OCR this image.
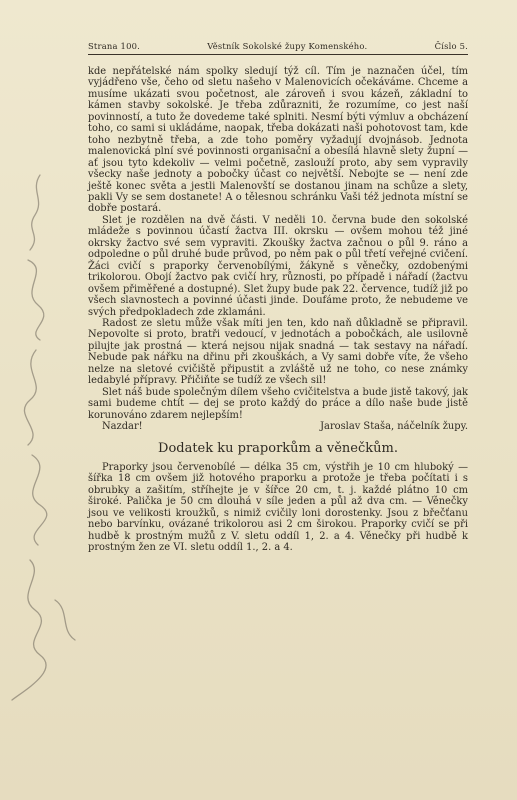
Strana 100.	Věstník Sokolské župy Komenského.	Číslo 5.

kde nepřátelské nám spolky sledují týž cíl. Tím je naznačen účel, tím vyjádřeno vše, čeho od sletu našeho v Malenovicích očekáváme. Chceme a musíme ukázati svou početnost, ale zároveň i svou kázeň, základní to kámen stavby sokolské. Je třeba zdůrazniti, že rozumíme, co jest naší povinností, a tuto že dovedeme také splniti. Nesmí býti výmluv a obcházení toho, co sami si ukládáme, naopak, třeba dokázati naši pohotovost tam, kde toho nezbytně třeba, a zde toho poměry vyžadují dvojnásob. Jednota malenovická plní své povinnosti organisační a obesílá hlavně slety župní — ať jsou tyto kdekoliv — velmi početně, zaslouží proto, aby sem vypravily všecky naše jednoty a pobočky účast co největší. Nebojte se — není zde ještě konec světa a jestli Malenovští se dostanou jinam na schůze a slety, pakli Vy se sem dostanete! A o tělesnou schránku Vaši též jednota místní se dobře postará.

Slet je rozdělen na dvě části. V neděli 10. června bude den sokolské mládeže s povinnou účastí žactva III. okrsku — ovšem mohou též jiné okrsky žactvo své sem vypraviti. Zkoušky žactva začnou o půl 9. ráno a odpoledne o půl druhé bude průvod, po něm pak o půl třetí veřejné cvičení. Žáci cvičí s praporky červenobílými, žákyně s věnečky, ozdobenými trikolorou. Obojí žactvo pak cvičí hry, různosti, po případě i nářadí (žactvu ovšem přiměřené a dostupné). Slet župy bude pak 22. července, tudíž již po všech slavnostech a povinné účasti jinde. Doufáme proto, že nebudeme ve svých předpokladech zde zklamáni.

Radost ze sletu může však míti jen ten, kdo naň důkladně se připravil. Nepovolte si proto, bratři vedoucí, v jednotách a pobočkách, ale usilovně pilujte jak prostná — která nejsou nijak snadná — tak sestavy na nářadí. Nebude pak nářku na dřinu při zkouškách, a Vy sami dobře víte, že všeho nelze na sletové cvičiště připustit a zvláště už ne toho, co nese známky ledabylé přípravy. Přičiňte se tudíž ze všech sil!

Slet náš bude společným dílem všeho cvičitelstva a bude jistě takový, jak sami budeme chtít — dej se proto každý do práce a dílo naše bude jistě korunováno zdarem nejlepším!

Nazdar!	Jaroslav Staša, náčelník župy.
Dodatek ku praporkům a věnečkům.

Praporky jsou červenobílé — délka 35 cm, výstřih je 10 cm hluboký — šířka 18 cm ovšem již hotového praporku a protože je třeba počítati i s obrubky a zašitím, stříhejte je v šířce 20 cm, t. j. každé plátno 10 cm široké. Palička je 50 cm dlouhá v síle jeden a půl až dva cm. — Věnečky jsou ve velikosti kroužků, s nimiž cvičily loni dorostenky. Jsou z břečťanu nebo barvínku, ovázané trikolorou asi 2 cm širokou. Praporky cvičí se při hudbě k prostným mužů z V. sletu oddíl 1, 2. a 4. Věnečky při hudbě k prostným žen ze VI. sletu oddíl 1., 2. a 4.
